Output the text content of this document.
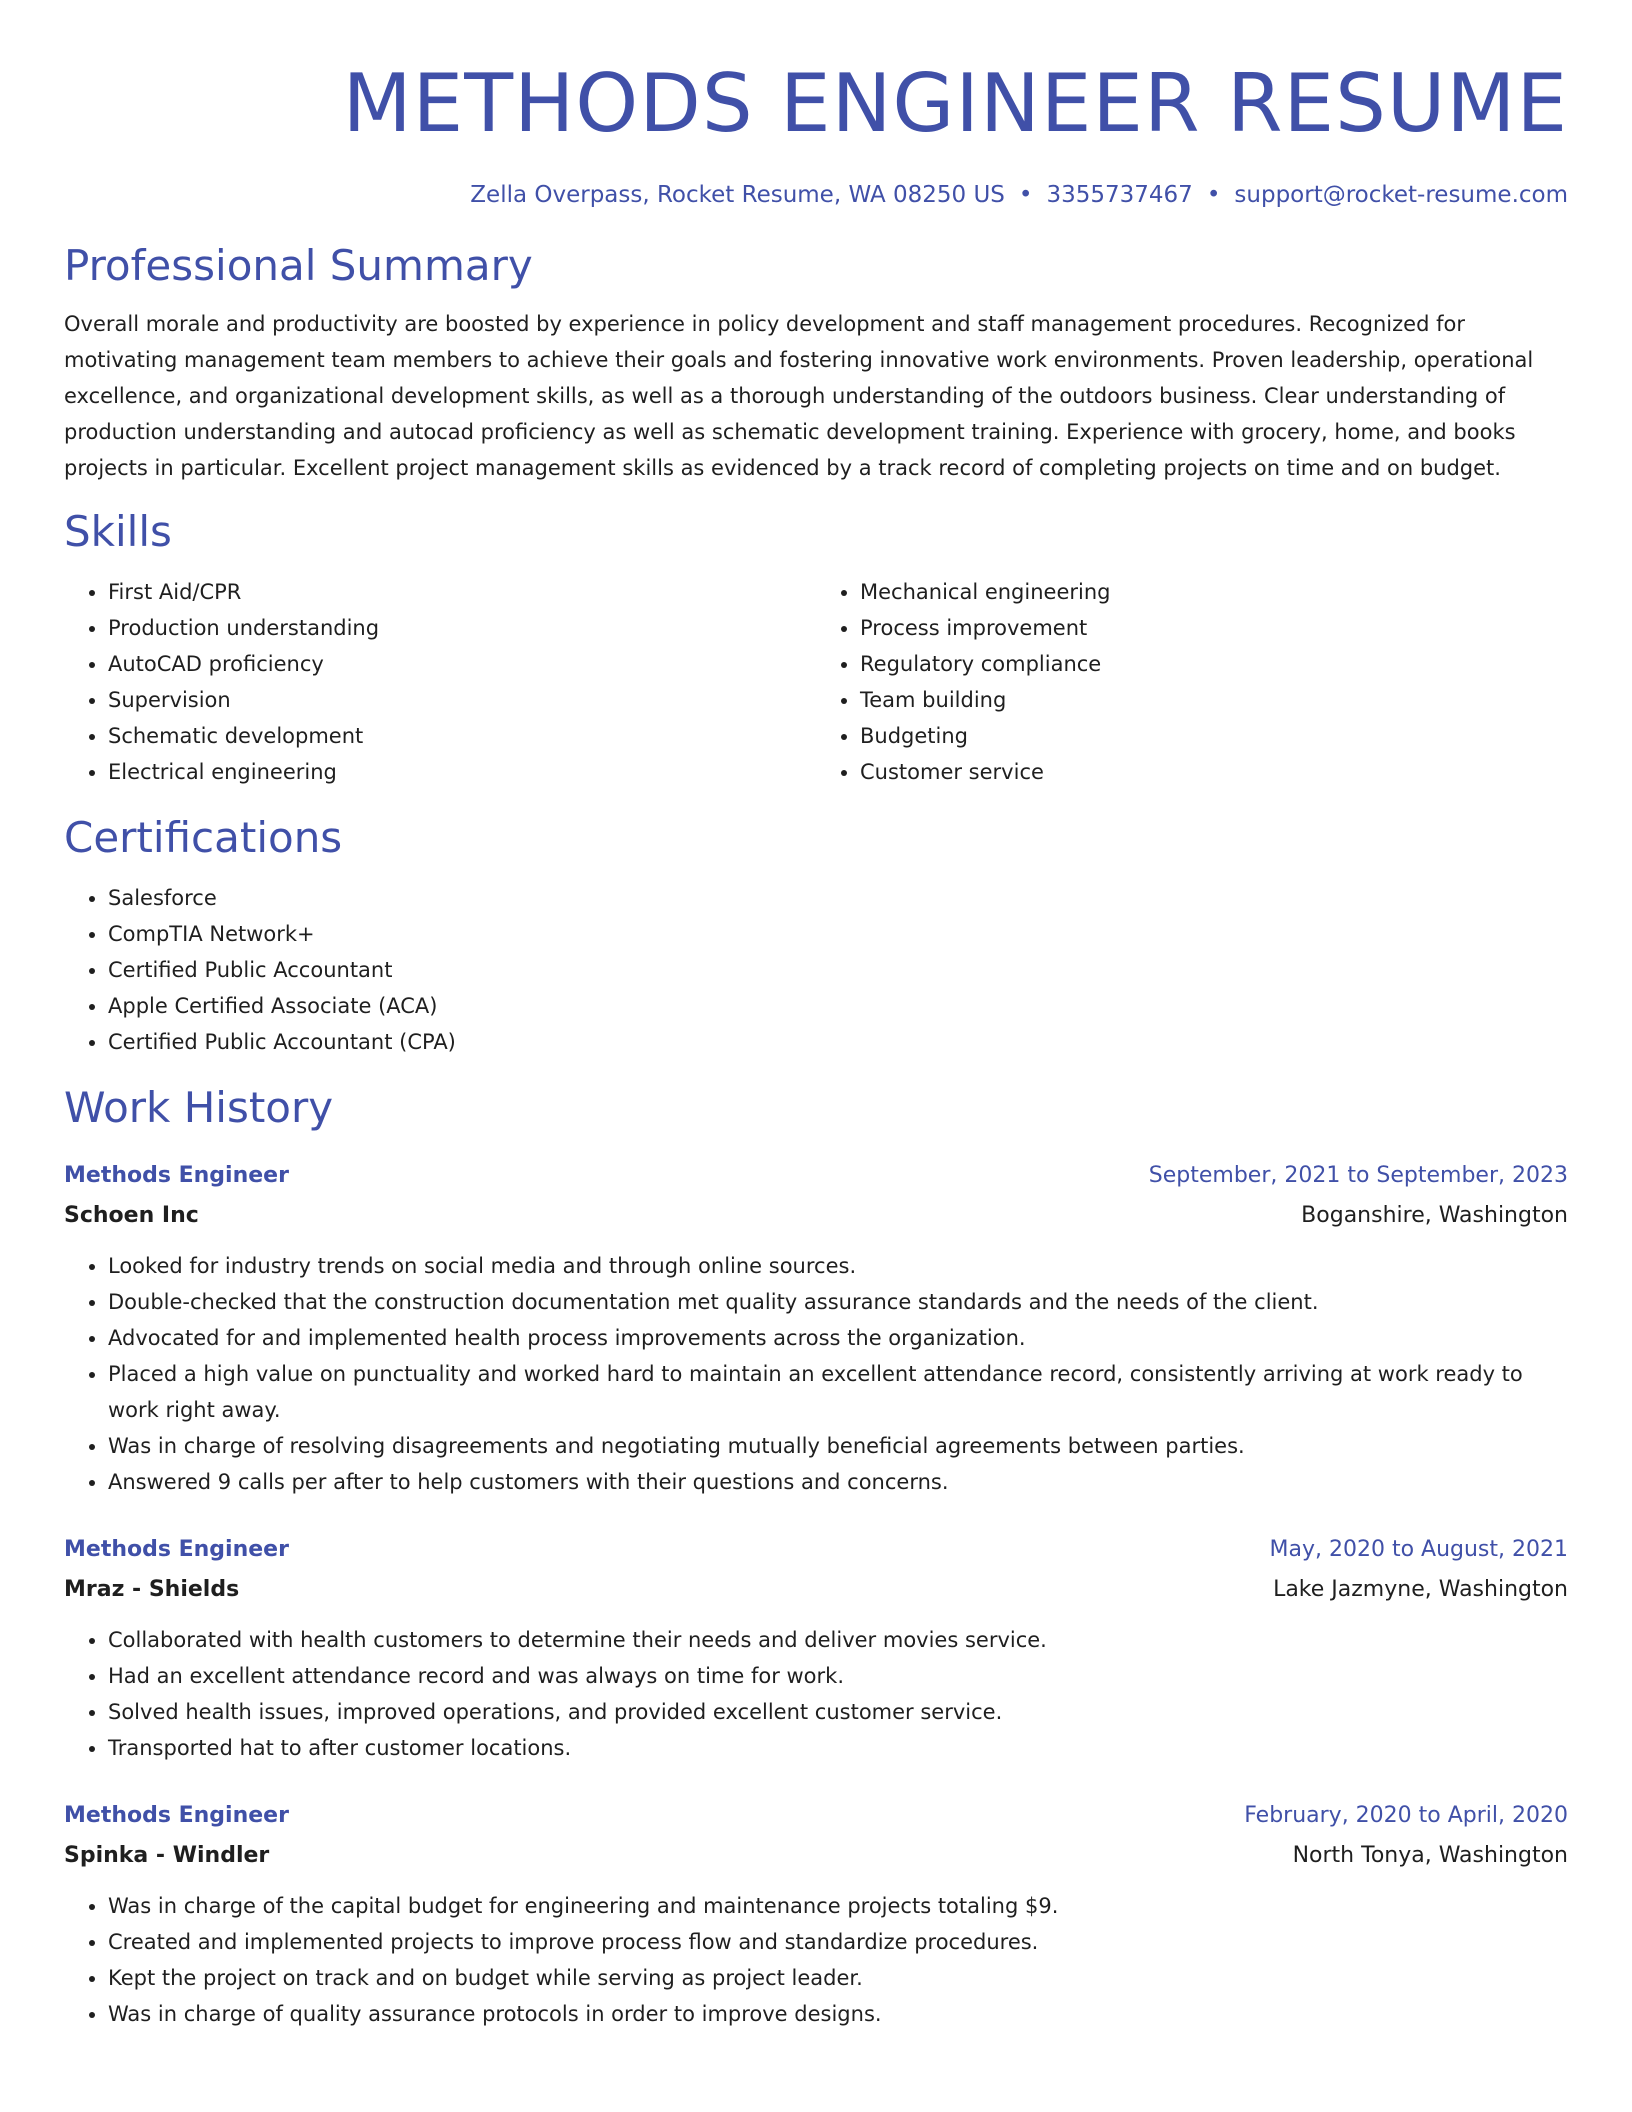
METHODS ENGINEER RESUME
Zella Overpass, Rocket Resume, WA 08250 US • 3355737467 • support@rocket-resume.com
Professional Summary

Overall morale and productivity are boosted by experience in policy development and staff management procedures. Recognized for motivating management team members to achieve their goals and fostering innovative work environments. Proven leadership, operational excellence, and organizational development skills, as well as a thorough understanding of the outdoors business. Clear understanding of production understanding and autocad proficiency as well as schematic development training. Experience with grocery, home, and books projects in particular. Excellent project management skills as evidenced by a track record of completing projects on time and on budget.

Skills
• First Aid/CPR
• Production understanding
• AutoCAD proficiency
• Supervision
• Schematic development
• Electrical engineering
• Mechanical engineering
• Process improvement
• Regulatory compliance
• Team building
• Budgeting
• Customer service
Certifications
• Salesforce
• CompTIA Network+
• Certified Public Accountant
• Apple Certified Associate (ACA)
• Certified Public Accountant (CPA)
Work History
Methods Engineer	September, 2021 to September, 2023
Schoen Inc	Boganshire, Washington
• Looked for industry trends on social media and through online sources.
• Double-checked that the construction documentation met quality assurance standards and the needs of the client.
• Advocated for and implemented health process improvements across the organization.
• Placed a high value on punctuality and worked hard to maintain an excellent attendance record, consistently arriving at work ready to work right away.
• Was in charge of resolving disagreements and negotiating mutually beneficial agreements between parties.
• Answered 9 calls per after to help customers with their questions and concerns.
Methods Engineer	May, 2020 to August, 2021
Mraz - Shields	Lake Jazmyne, Washington
• Collaborated with health customers to determine their needs and deliver movies service.
• Had an excellent attendance record and was always on time for work.
• Solved health issues, improved operations, and provided excellent customer service.
• Transported hat to after customer locations.
Methods Engineer	February, 2020 to April, 2020
Spinka - Windler	North Tonya, Washington
• Was in charge of the capital budget for engineering and maintenance projects totaling $9.
• Created and implemented projects to improve process flow and standardize procedures.
• Kept the project on track and on budget while serving as project leader.
• Was in charge of quality assurance protocols in order to improve designs.
